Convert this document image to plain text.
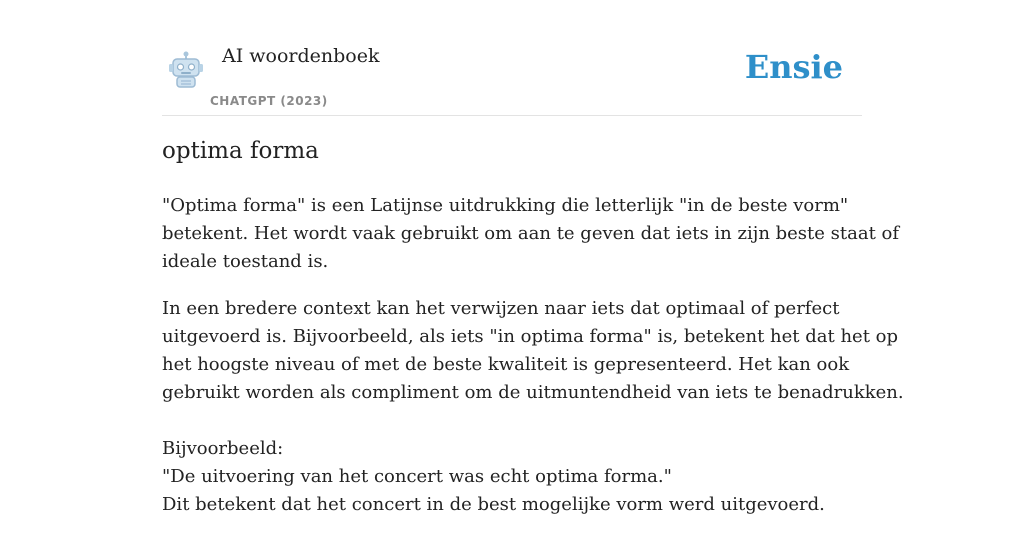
AI woordenboek
CHATGPT (2023)
Ensie
optima forma

"Optima forma" is een Latijnse uitdrukking die letterlijk "in de beste vorm"
betekent. Het wordt vaak gebruikt om aan te geven dat iets in zijn beste staat of
ideale toestand is.

In een bredere context kan het verwijzen naar iets dat optimaal of perfect
uitgevoerd is. Bijvoorbeeld, als iets "in optima forma" is, betekent het dat het op
het hoogste niveau of met de beste kwaliteit is gepresenteerd. Het kan ook
gebruikt worden als compliment om de uitmuntendheid van iets te benadrukken.
Bijvoorbeeld:
"De uitvoering van het concert was echt optima forma."
Dit betekent dat het concert in de best mogelijke vorm werd uitgevoerd.
